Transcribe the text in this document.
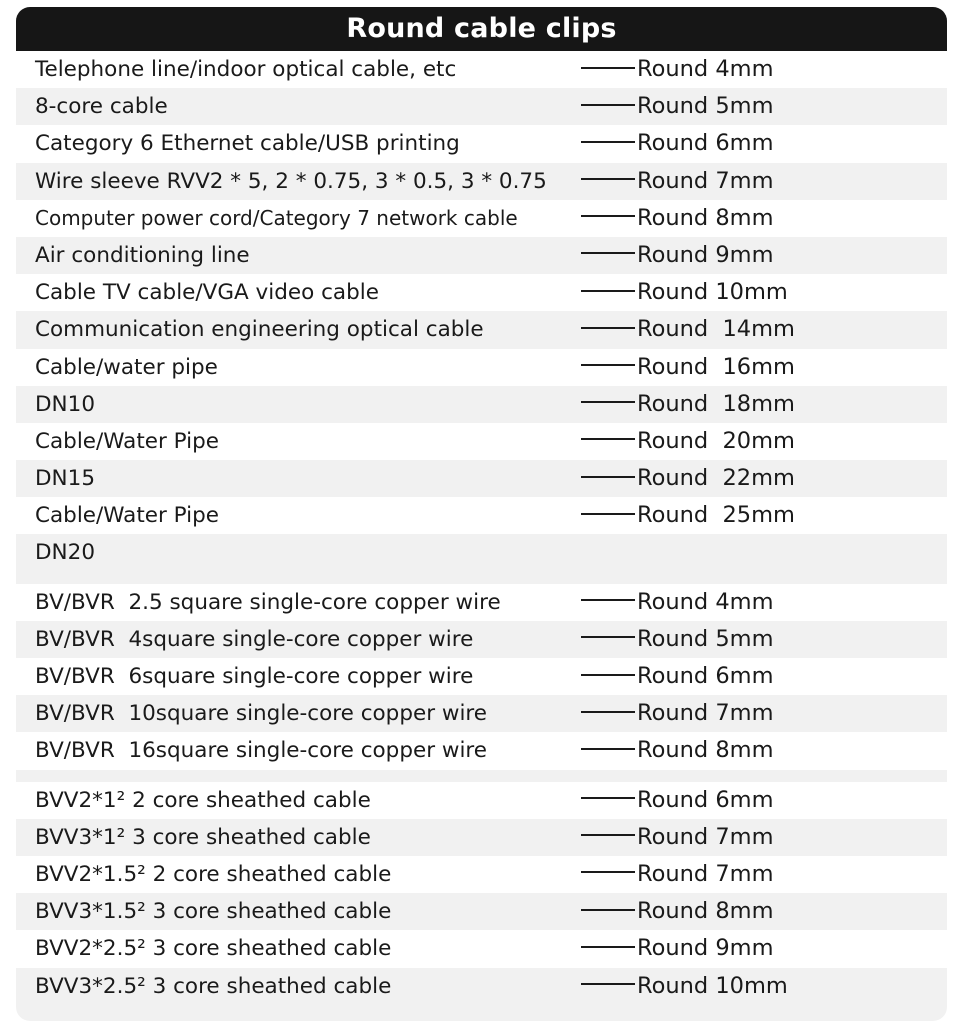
Round cable clips
Telephone line/indoor optical cable, etc	Round 4mm
8-core cable	Round 5mm
Category 6 Ethernet cable/USB printing	Round 6mm
Wire sleeve RVV2 * 5, 2 * 0.75, 3 * 0.5, 3 * 0.75	Round 7mm
Computer power cord/Category 7 network cable	Round 8mm
Air conditioning line	Round 9mm
Cable TV cable/VGA video cable	Round 10mm
Communication engineering optical cable	Round  14mm
Cable/water pipe	Round  16mm
DN10	Round  18mm
Cable/Water Pipe	Round  20mm
DN15	Round  22mm
Cable/Water Pipe	Round  25mm
DN20
BV/BVR  2.5 square single-core copper wire	Round 4mm
BV/BVR  4square single-core copper wire	Round 5mm
BV/BVR  6square single-core copper wire	Round 6mm
BV/BVR  10square single-core copper wire	Round 7mm
BV/BVR  16square single-core copper wire	Round 8mm
BVV2*1² 2 core sheathed cable	Round 6mm
BVV3*1² 3 core sheathed cable	Round 7mm
BVV2*1.5² 2 core sheathed cable	Round 7mm
BVV3*1.5² 3 core sheathed cable	Round 8mm
BVV2*2.5² 3 core sheathed cable	Round 9mm
BVV3*2.5² 3 core sheathed cable	Round 10mm
